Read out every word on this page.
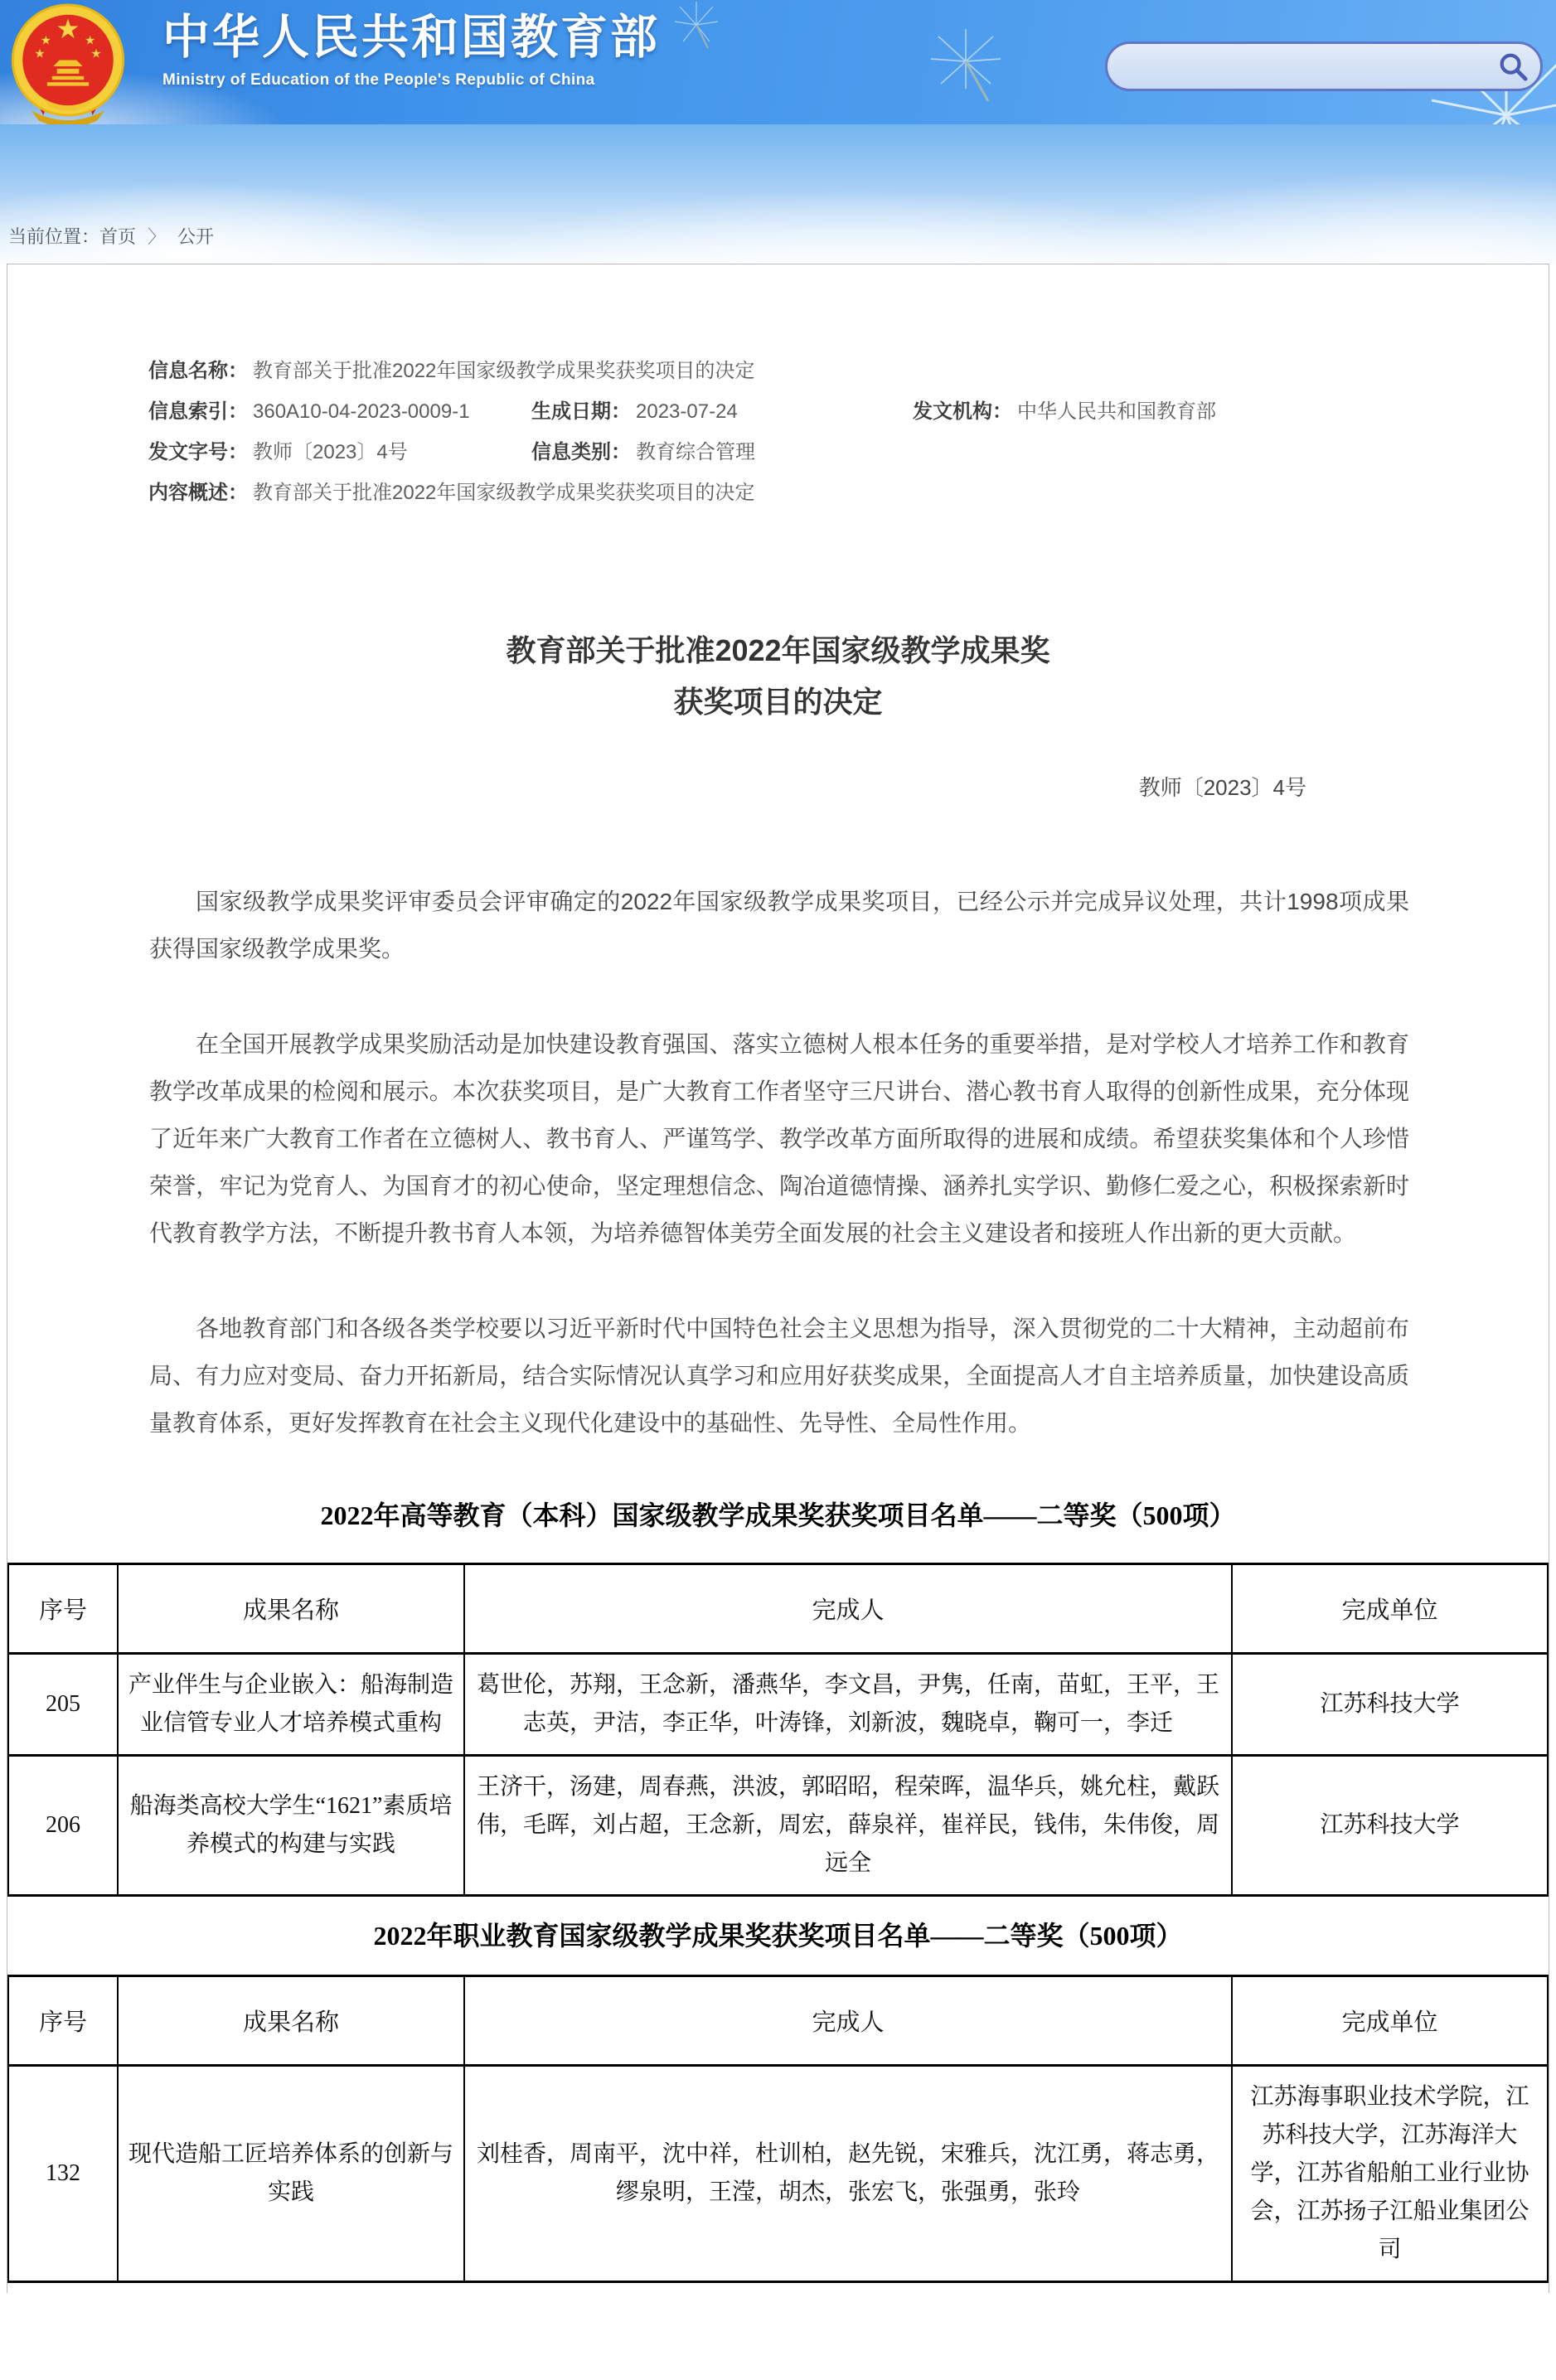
★
★	★
★	★ 中华人民共和国教育部
Ministry of Education of the People's Republic of China
当前位置：首页 〉 公开
信息名称： 教育部关于批准2022年国家级教学成果奖获奖项目的决定
信息索引： 360A10-04-2023-0009-1	生成日期： 2023-07-24	发文机构： 中华人民共和国教育部
发文字号： 教师〔2023〕4号	信息类别： 教育综合管理
内容概述： 教育部关于批准2022年国家级教学成果奖获奖项目的决定
教育部关于批准2022年国家级教学成果奖
获奖项目的决定
教师〔2023〕4号

国家级教学成果奖评审委员会评审确定的2022年国家级教学成果奖项目，已经公示并完成异议处理，共计1998项成果获得国家级教学成果奖。

在全国开展教学成果奖励活动是加快建设教育强国、落实立德树人根本任务的重要举措，是对学校人才培养工作和教育教学改革成果的检阅和展示。本次获奖项目，是广大教育工作者坚守三尺讲台、潜心教书育人取得的创新性成果，充分体现了近年来广大教育工作者在立德树人、教书育人、严谨笃学、教学改革方面所取得的进展和成绩。希望获奖集体和个人珍惜荣誉，牢记为党育人、为国育才的初心使命，坚定理想信念、陶冶道德情操、涵养扎实学识、勤修仁爱之心，积极探索新时代教育教学方法，不断提升教书育人本领，为培养德智体美劳全面发展的社会主义建设者和接班人作出新的更大贡献。

各地教育部门和各级各类学校要以习近平新时代中国特色社会主义思想为指导，深入贯彻党的二十大精神，主动超前布局、有力应对变局、奋力开拓新局，结合实际情况认真学习和应用好获奖成果，全面提高人才自主培养质量，加快建设高质量教育体系，更好发挥教育在社会主义现代化建设中的基础性、先导性、全局性作用。

2022年高等教育（本科）国家级教学成果奖获奖项目名单——二等奖（500项）
序号	成果名称	完成人	完成单位
205	产业伴生与企业嵌入：船海制造业信管专业人才培养模式重构	葛世伦，苏翔，王念新，潘燕华，李文昌，尹隽，任南，苗虹，王平，王志英，尹洁，李正华，叶涛锋，刘新波，魏晓卓，鞠可一，李迁	江苏科技大学
206	船海类高校大学生“1621”素质培养模式的构建与实践	王济干，汤建，周春燕，洪波，郭昭昭，程荣晖，温华兵，姚允柱，戴跃伟，毛晖，刘占超，王念新，周宏，薛泉祥，崔祥民，钱伟，朱伟俊，周远全	江苏科技大学
2022年职业教育国家级教学成果奖获奖项目名单——二等奖（500项）
序号	成果名称	完成人	完成单位
132	现代造船工匠培养体系的创新与实践	刘桂香，周南平，沈中祥，杜训柏，赵先锐，宋雅兵，沈江勇，蒋志勇，缪泉明，王滢，胡杰，张宏飞，张强勇，张玲	江苏海事职业技术学院，江苏科技大学，江苏海洋大学，江苏省船舶工业行业协会，江苏扬子江船业集团公司
